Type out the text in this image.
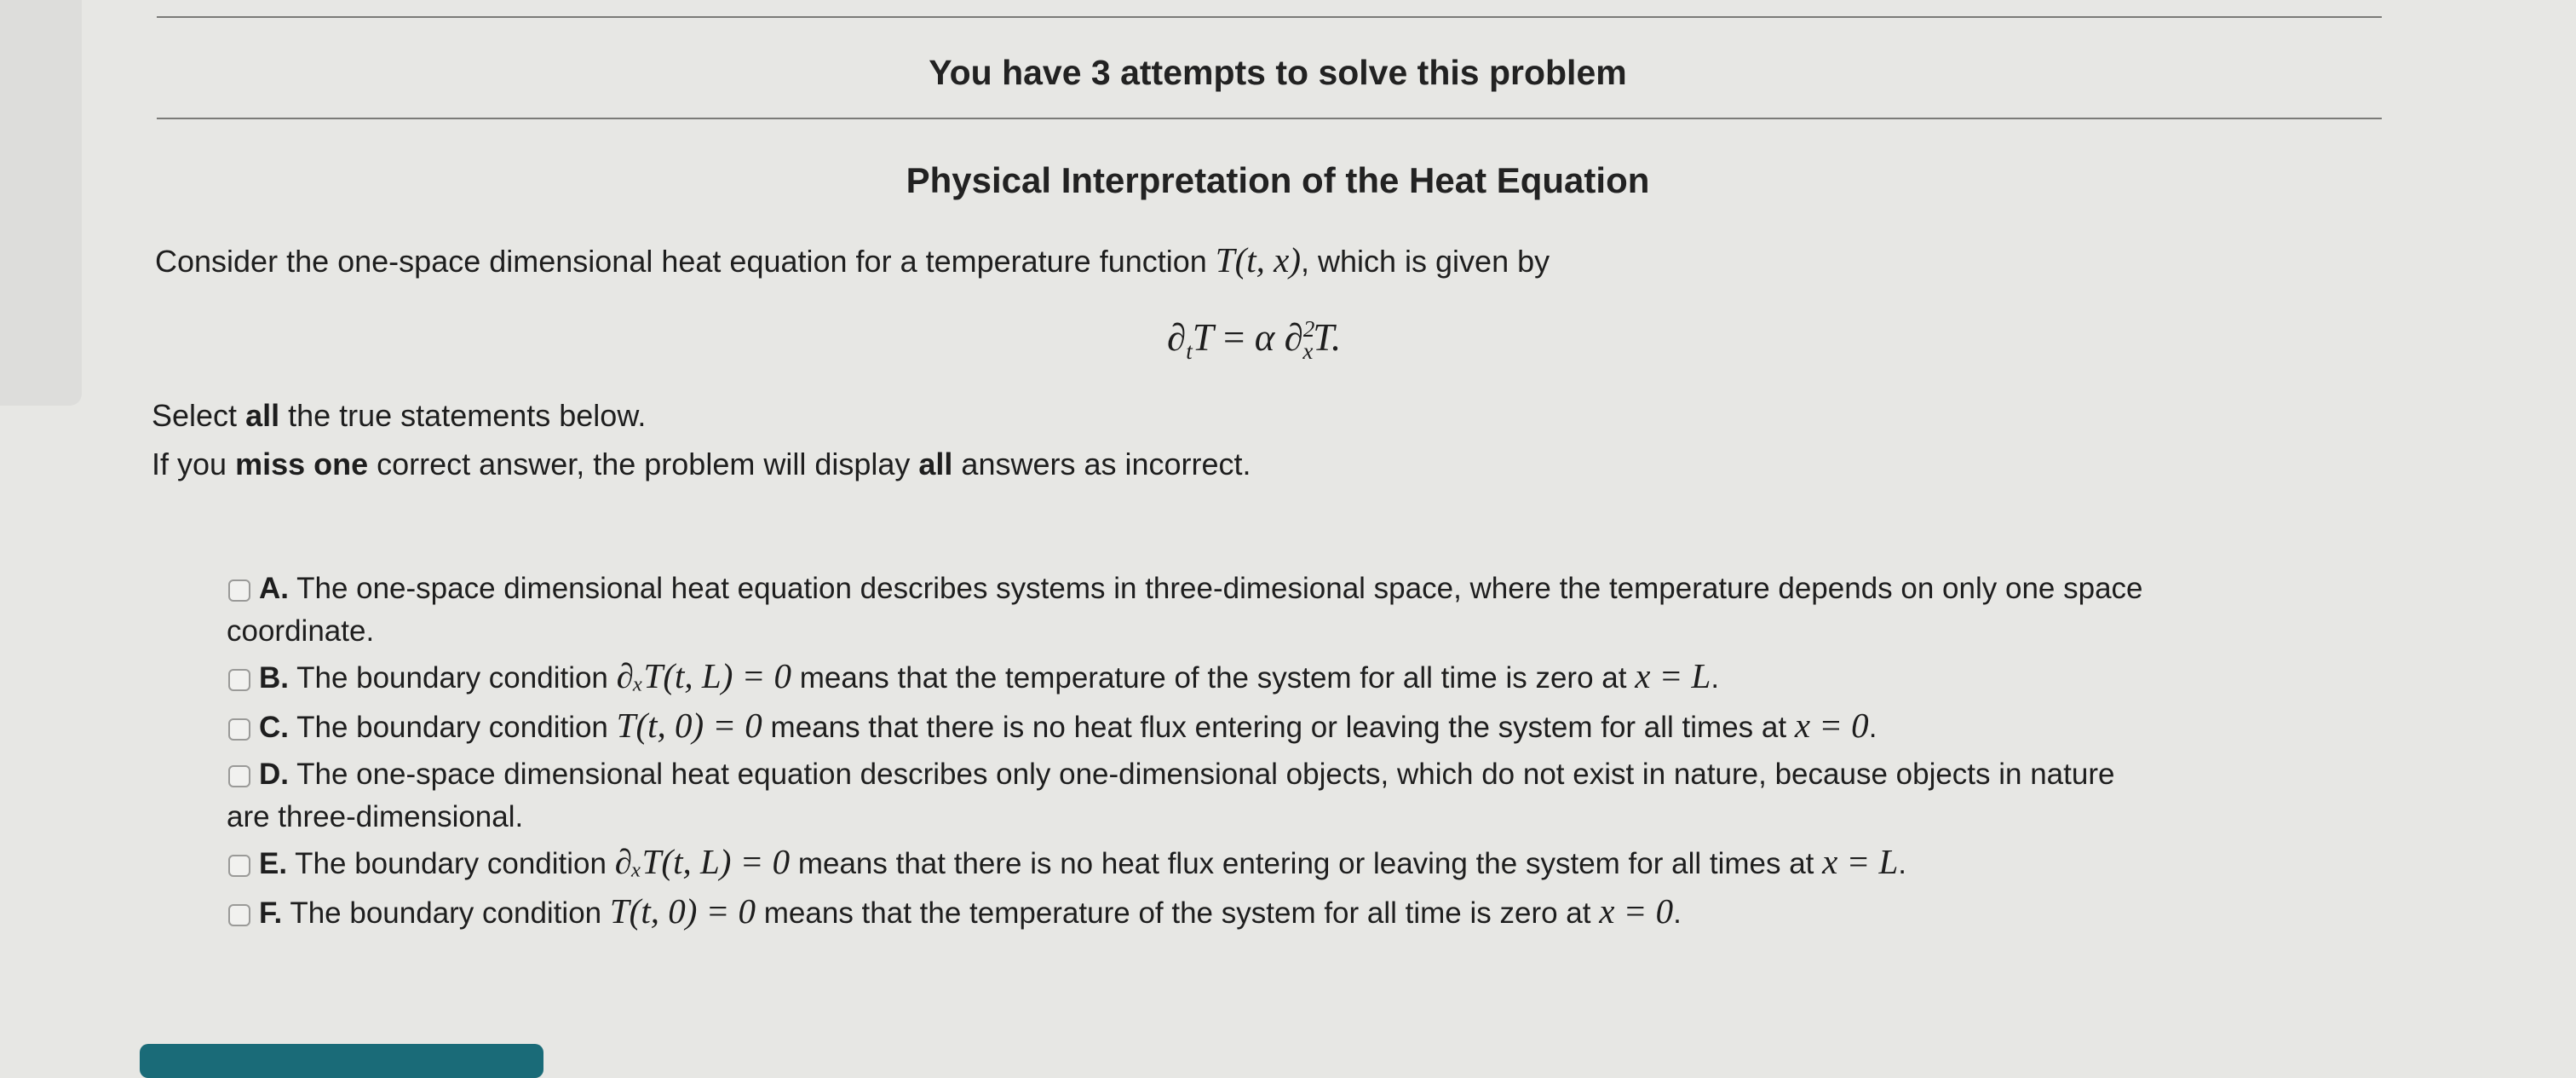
You have 3 attempts to solve this problem
Physical Interpretation of the Heat Equation
Consider the one-space dimensional heat equation for a temperature function T(t, x), which is given by
$\partial_tT = \alpha$ ∂$^2_x$T.
Select all the true statements below.
If you miss one correct answer, the problem will display all answers as incorrect.
A. The one-space dimensional heat equation describes systems in three-dimesional space, where the temperature depends on only one space
coordinate.
B. The boundary condition ∂ₓT(t, L) = 0 means that the temperature of the system for all time is zero at x = L.
C. The boundary condition T(t, 0) = 0 means that there is no heat flux entering or leaving the system for all times at x = 0.
D. The one-space dimensional heat equation describes only one-dimensional objects, which do not exist in nature, because objects in nature
are three-dimensional.
E. The boundary condition ∂ₓT(t, L) = 0 means that there is no heat flux entering or leaving the system for all times at x = L.
F. The boundary condition T(t, 0) = 0 means that the temperature of the system for all time is zero at x = 0.
